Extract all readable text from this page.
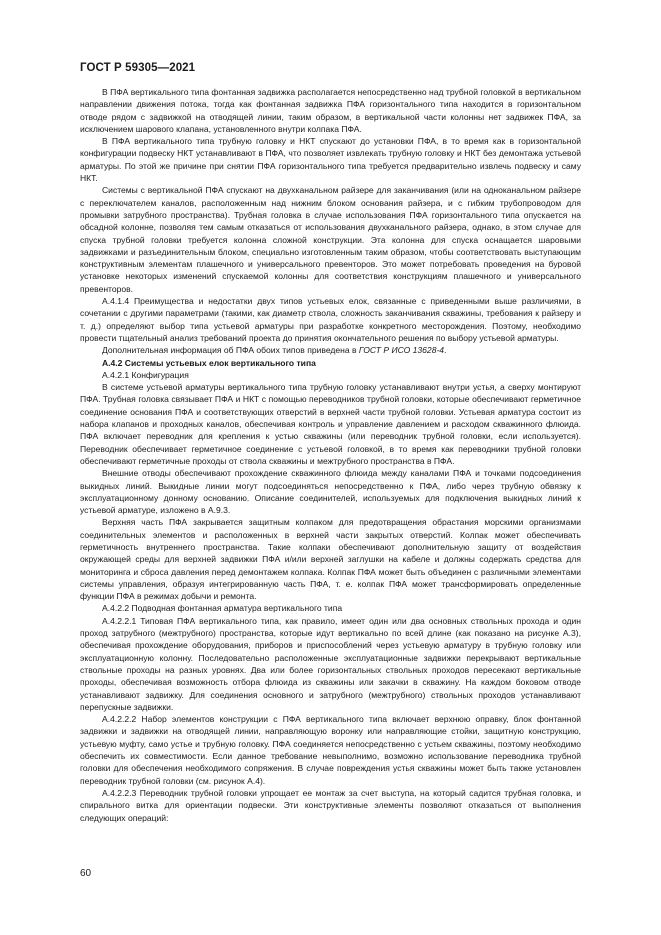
ГОСТ Р 59305—2021

В ПФА вертикального типа фонтанная задвижка располагается непосредственно над трубной головкой в вертикальном направлении движения потока, тогда как фонтанная задвижка ПФА горизонтального типа находится в горизонтальном отводе рядом с задвижкой на отводящей линии, таким образом, в вертикальной части колонны нет задвижек ПФА, за исключением шарового клапана, установленного внутри колпака ПФА.

В ПФА вертикального типа трубную головку и НКТ спускают до установки ПФА, в то время как в горизонтальной конфигурации подвеску НКТ устанавливают в ПФА, что позволяет извлекать трубную головку и НКТ без демонтажа устьевой арматуры. По этой же причине при снятии ПФА горизонтального типа требуется предварительно извлечь подвеску и саму НКТ.

Системы с вертикальной ПФА спускают на двухканальном райзере для заканчивания (или на одноканальном райзере с переключателем каналов, расположенным над нижним блоком основания райзера, и с гибким трубопроводом для промывки затрубного пространства). Трубная головка в случае использования ПФА горизонтального типа опускается на обсадной колонне, позволяя тем самым отказаться от использования двухканального райзера, однако, в этом случае для спуска трубной головки требуется колонна сложной конструкции. Эта колонна для спуска оснащается шаровыми задвижками и разъединительным блоком, специально изготовленным таким образом, чтобы соответствовать выступающим конструктивным элементам плашечного и универсального превенторов. Это может потребовать проведения на буровой установке некоторых изменений спускаемой колонны для соответствия конструкциям плашечного и универсального превенторов.

А.4.1.4 Преимущества и недостатки двух типов устьевых елок, связанные с приведенными выше различиями, в сочетании с другими параметрами (такими, как диаметр ствола, сложность заканчивания скважины, требования к райзеру и т. д.) определяют выбор типа устьевой арматуры при разработке конкретного месторождения. Поэтому, необходимо провести тщательный анализ требований проекта до принятия окончательного решения по выбору устьевой арматуры.

Дополнительная информация об ПФА обоих типов приведена в ГОСТ Р ИСО 13628-4.

А.4.2 Системы устьевых елок вертикального типа

А.4.2.1 Конфигурация

В системе устьевой арматуры вертикального типа трубную головку устанавливают внутри устья, а сверху монтируют ПФА. Трубная головка связывает ПФА и НКТ с помощью переводников трубной головки, которые обеспечивают герметичное соединение основания ПФА и соответствующих отверстий в верхней части трубной головки. Устьевая арматура состоит из набора клапанов и проходных каналов, обеспечивая контроль и управление давлением и расходом скважинного флюида. ПФА включает переводник для крепления к устью скважины (или переводник трубной головки, если используется). Переводник обеспечивает герметичное соединение с устьевой головкой, в то время как переводники трубной головки обеспечивают герметичные проходы от ствола скважины и межтрубного пространства в ПФА.

Внешние отводы обеспечивают прохождение скважинного флюида между каналами ПФА и точками подсоединения выкидных линий. Выкидные линии могут подсоединяться непосредственно к ПФА, либо через трубную обвязку к эксплуатационному донному основанию. Описание соединителей, используемых для подключения выкидных линий к устьевой арматуре, изложено в А.9.3.

Верхняя часть ПФА закрывается защитным колпаком для предотвращения обрастания морскими организмами соединительных элементов и расположенных в верхней части закрытых отверстий. Колпак может обеспечивать герметичность внутреннего пространства. Такие колпаки обеспечивают дополнительную защиту от воздействия окружающей среды для верхней задвижки ПФА и/или верхней заглушки на кабеле и должны содержать средства для мониторинга и сброса давления перед демонтажем колпака. Колпак ПФА может быть объединен с различными элементами системы управления, образуя интегрированную часть ПФА, т. е. колпак ПФА может трансформировать определенные функции ПФА в режимах добычи и ремонта.

А.4.2.2 Подводная фонтанная арматура вертикального типа

А.4.2.2.1 Типовая ПФА вертикального типа, как правило, имеет один или два основных ствольных прохода и один проход затрубного (межтрубного) пространства, которые идут вертикально по всей длине (как показано на рисунке А.3), обеспечивая прохождение оборудования, приборов и приспособлений через устьевую арматуру в трубную головку или эксплуатационную колонну. Последовательно расположенные эксплуатационные задвижки перекрывают вертикальные ствольные проходы на разных уровнях. Два или более горизонтальных ствольных проходов пересекают вертикальные проходы, обеспечивая возможность отбора флюида из скважины или закачки в скважину. На каждом боковом отводе устанавливают задвижку. Для соединения основного и затрубного (межтрубного) ствольных проходов устанавливают перепускные задвижки.

А.4.2.2.2 Набор элементов конструкции с ПФА вертикального типа включает верхнюю оправку, блок фонтанной задвижки и задвижки на отводящей линии, направляющую воронку или направляющие стойки, защитную конструкцию, устьевую муфту, само устье и трубную головку. ПФА соединяется непосредственно с устьем скважины, поэтому необходимо обеспечить их совместимости. Если данное требование невыполнимо, возможно использование переводника трубной головки для обеспечения необходимого сопряжения. В случае повреждения устья скважины может быть также установлен переводник трубной головки (см. рисунок А.4).

А.4.2.2.3 Переводник трубной головки упрощает ее монтаж за счет выступа, на который садится трубная головка, и спирального витка для ориентации подвески. Эти конструктивные элементы позволяют отказаться от выполнения следующих операций:

60
